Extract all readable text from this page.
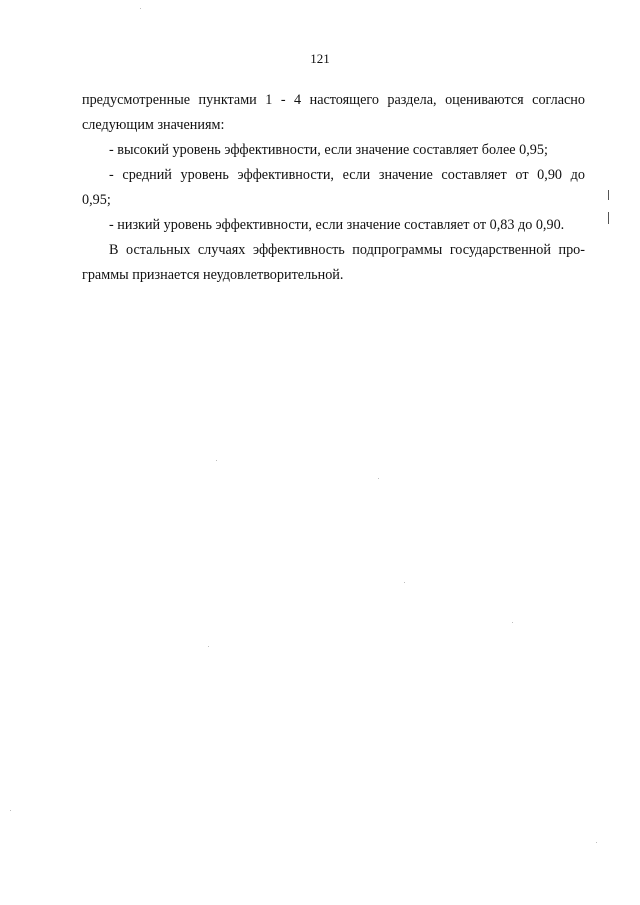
121
предусмотренные пунктами 1 - 4 настоящего раздела, оцениваются согласно
следующим значениям:
- высокий уровень эффективности, если значение составляет более 0,95;
- средний уровень эффективности, если значение составляет от 0,90 до
0,95;
- низкий уровень эффективности, если значение составляет от 0,83 до 0,90.
В остальных случаях эффективность подпрограммы государственной про-
граммы признается неудовлетворительной.
